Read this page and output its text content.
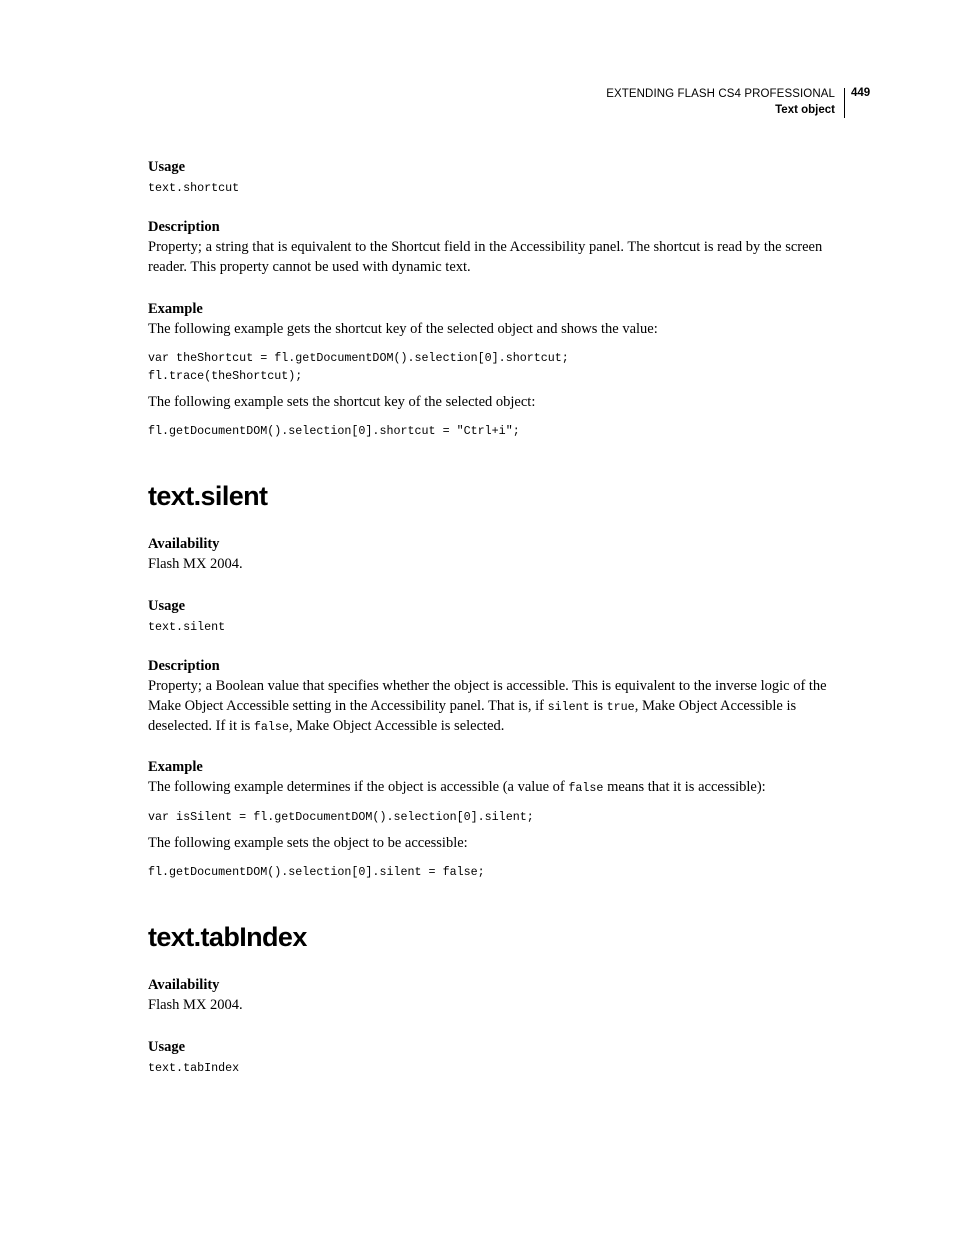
EXTENDING FLASH CS4 PROFESSIONAL
Text object
449
Usage
text.shortcut
Description
Property; a string that is equivalent to the Shortcut field in the Accessibility panel. The shortcut is read by the screen reader. This property cannot be used with dynamic text.
Example
The following example gets the shortcut key of the selected object and shows the value:
var theShortcut = fl.getDocumentDOM().selection[0].shortcut;
fl.trace(theShortcut);
The following example sets the shortcut key of the selected object:
fl.getDocumentDOM().selection[0].shortcut = "Ctrl+i";
text.silent
Availability
Flash MX 2004.
Usage
text.silent
Description
Property; a Boolean value that specifies whether the object is accessible. This is equivalent to the inverse logic of the Make Object Accessible setting in the Accessibility panel. That is, if silent is true, Make Object Accessible is deselected. If it is false, Make Object Accessible is selected.
Example
The following example determines if the object is accessible (a value of false means that it is accessible):
var isSilent = fl.getDocumentDOM().selection[0].silent;
The following example sets the object to be accessible:
fl.getDocumentDOM().selection[0].silent = false;
text.tabIndex
Availability
Flash MX 2004.
Usage
text.tabIndex
